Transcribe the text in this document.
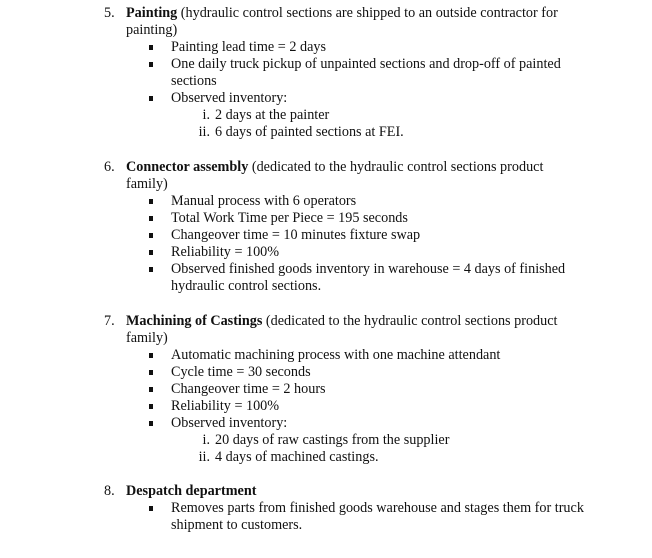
5. Painting (hydraulic control sections are shipped to an outside contractor for painting)
Painting lead time = 2 days
One daily truck pickup of unpainted sections and drop-off of painted sections
Observed inventory:
i. 2 days at the painter
ii. 6 days of painted sections at FEI.
6. Connector assembly (dedicated to the hydraulic control sections product family)
Manual process with 6 operators
Total Work Time per Piece = 195 seconds
Changeover time = 10 minutes fixture swap
Reliability = 100%
Observed finished goods inventory in warehouse = 4 days of finished hydraulic control sections.
7. Machining of Castings (dedicated to the hydraulic control sections product family)
Automatic machining process with one machine attendant
Cycle time = 30 seconds
Changeover time = 2 hours
Reliability = 100%
Observed inventory:
i. 20 days of raw castings from the supplier
ii. 4 days of machined castings.
8. Despatch department
Removes parts from finished goods warehouse and stages them for truck shipment to customers.
